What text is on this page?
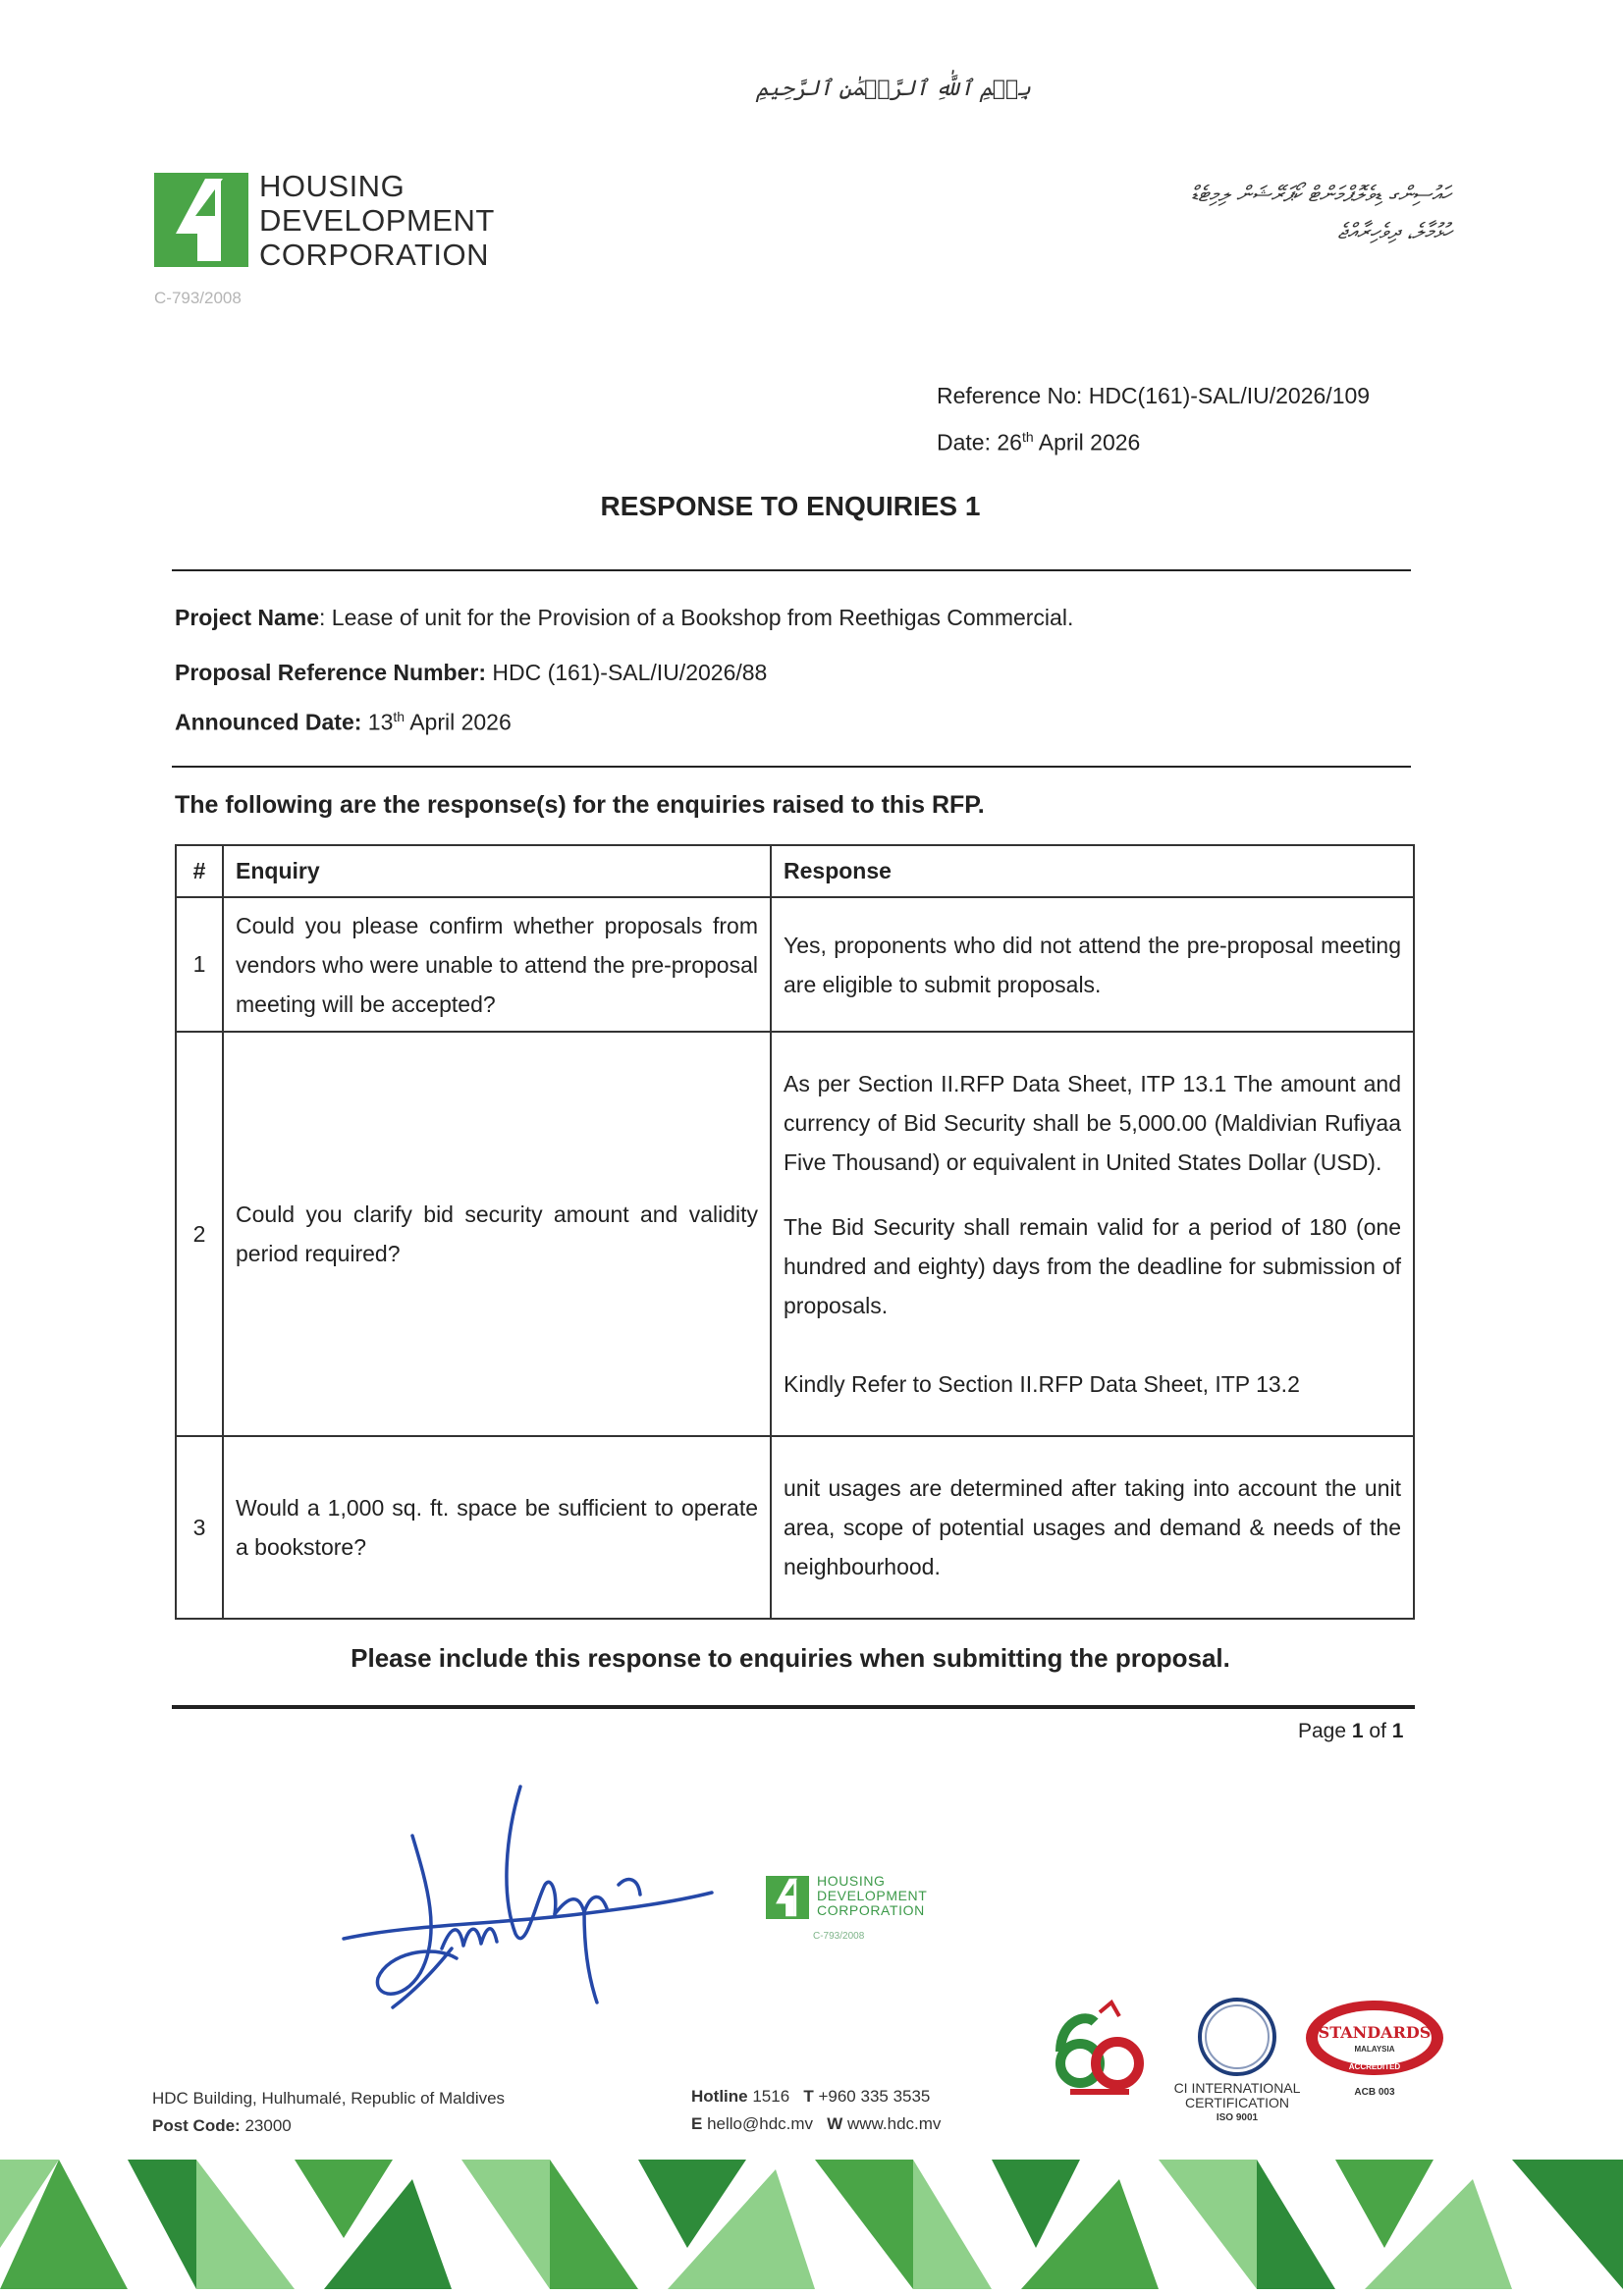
بِسۡمِ ٱللَّٰهِ ٱلرَّحۡمَٰنِ ٱلرَّحِيمِ
HOUSING
DEVELOPMENT
CORPORATION
C-793/2008
ހައުސިންގ ޑިވެލޮޕްމަންޓް ކޯޕަރޭޝަން ލިމިޓެޑް
ހުޅުމާލެ، ދިވެހިރާއްޖެ
Reference No: HDC(161)-SAL/IU/2026/109
Date: 26th April 2026
RESPONSE TO ENQUIRIES 1
Project Name: Lease of unit for the Provision of a Bookshop from Reethigas Commercial.
Proposal Reference Number: HDC (161)-SAL/IU/2026/88
Announced Date: 13th April 2026
The following are the response(s) for the enquiries raised to this RFP.
#	Enquiry	Response
1	Could you please confirm whether proposals from vendors who were unable to attend the pre-proposal meeting will be accepted?	Yes, proponents who did not attend the pre-proposal meeting are eligible to submit proposals.

2	Could you clarify bid security amount and validity period required?	As per Section II.RFP Data Sheet, ITP 13.1 The amount and currency of Bid Security shall be 5,000.00 (Maldivian Rufiyaa Five Thousand) or equivalent in United States Dollar (USD).

The Bid Security shall remain valid for a period of 180 (one hundred and eighty) days from the deadline for submission of proposals.

Kindly Refer to Section II.RFP Data Sheet, ITP 13.2

3	Would a 1,000 sq. ft. space be sufficient to operate a bookstore?	unit usages are determined after taking into account the unit area, scope of potential usages and demand & needs of the neighbourhood.

Please include this response to enquiries when submitting the proposal.
Page 1 of 1
HOUSING
DEVELOPMENT
CORPORATION
C-793/2008
HDC Building, Hulhumalé, Republic of Maldives
Post Code: 23000
Hotline 1516 T +960 335 3535
E hello@hdc.mv W www.hdc.mv
CI INTERNATIONAL
CERTIFICATION
ISO 9001
STANDARDS
MALAYSIA
ACCREDITED
ACB 003
